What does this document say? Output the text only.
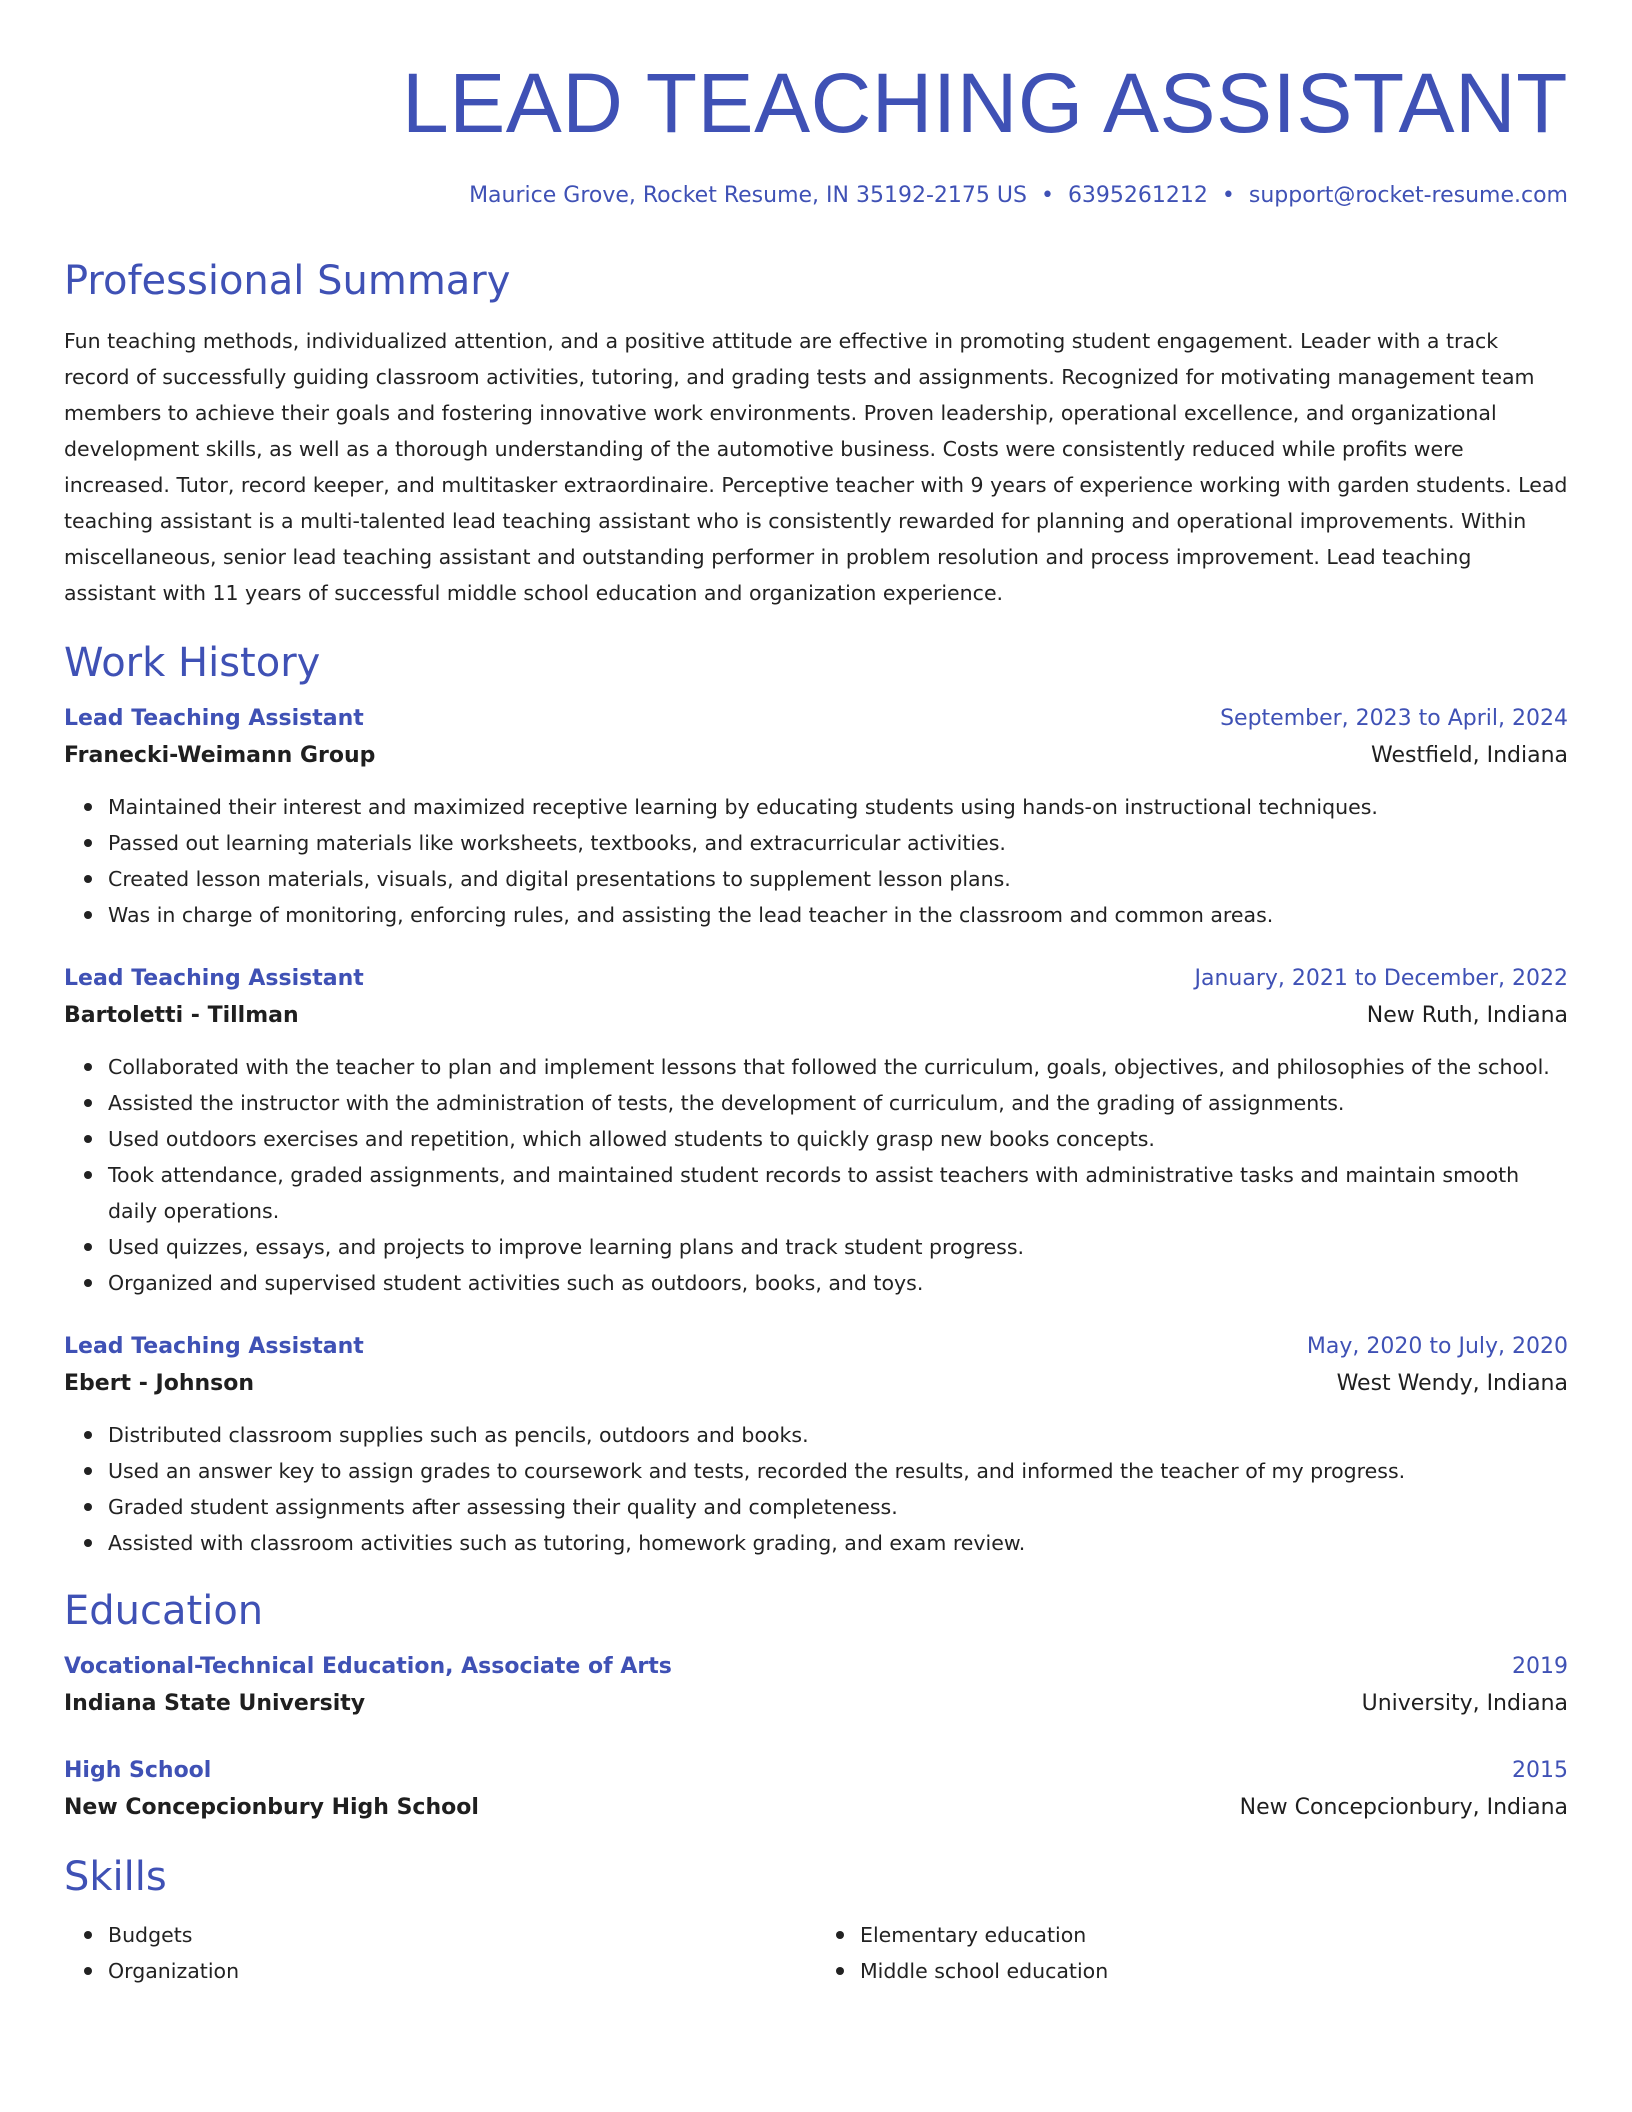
LEAD TEACHING ASSISTANT
Maurice Grove, Rocket Resume, IN 35192-2175 US • 6395261212 • support@rocket-resume.com
Professional Summary

Fun teaching methods, individualized attention, and a positive attitude are effective in promoting student engagement. Leader with a track record of successfully guiding classroom activities, tutoring, and grading tests and assignments. Recognized for motivating management team members to achieve their goals and fostering innovative work environments. Proven leadership, operational excellence, and organizational development skills, as well as a thorough understanding of the automotive business. Costs were consistently reduced while profits were increased. Tutor, record keeper, and multitasker extraordinaire. Perceptive teacher with 9 years of experience working with garden students. Lead teaching assistant is a multi-talented lead teaching assistant who is consistently rewarded for planning and operational improvements. Within miscellaneous, senior lead teaching assistant and outstanding performer in problem resolution and process improvement. Lead teaching assistant with 11 years of successful middle school education and organization experience.

Work History
Lead Teaching Assistant	September, 2023 to April, 2024
Franecki-Weimann Group	Westfield, Indiana
Maintained their interest and maximized receptive learning by educating students using hands-on instructional techniques.
Passed out learning materials like worksheets, textbooks, and extracurricular activities.
Created lesson materials, visuals, and digital presentations to supplement lesson plans.
Was in charge of monitoring, enforcing rules, and assisting the lead teacher in the classroom and common areas.
Lead Teaching Assistant	January, 2021 to December, 2022
Bartoletti - Tillman	New Ruth, Indiana
Collaborated with the teacher to plan and implement lessons that followed the curriculum, goals, objectives, and philosophies of the school.
Assisted the instructor with the administration of tests, the development of curriculum, and the grading of assignments.
Used outdoors exercises and repetition, which allowed students to quickly grasp new books concepts.
Took attendance, graded assignments, and maintained student records to assist teachers with administrative tasks and maintain smooth daily operations.
Used quizzes, essays, and projects to improve learning plans and track student progress.
Organized and supervised student activities such as outdoors, books, and toys.
Lead Teaching Assistant	May, 2020 to July, 2020
Ebert - Johnson	West Wendy, Indiana
Distributed classroom supplies such as pencils, outdoors and books.
Used an answer key to assign grades to coursework and tests, recorded the results, and informed the teacher of my progress.
Graded student assignments after assessing their quality and completeness.
Assisted with classroom activities such as tutoring, homework grading, and exam review.
Education
Vocational-Technical Education, Associate of Arts	2019
Indiana State University	University, Indiana
High School	2015
New Concepcionbury High School	New Concepcionbury, Indiana
Skills
Budgets
Organization
Elementary education
Middle school education
